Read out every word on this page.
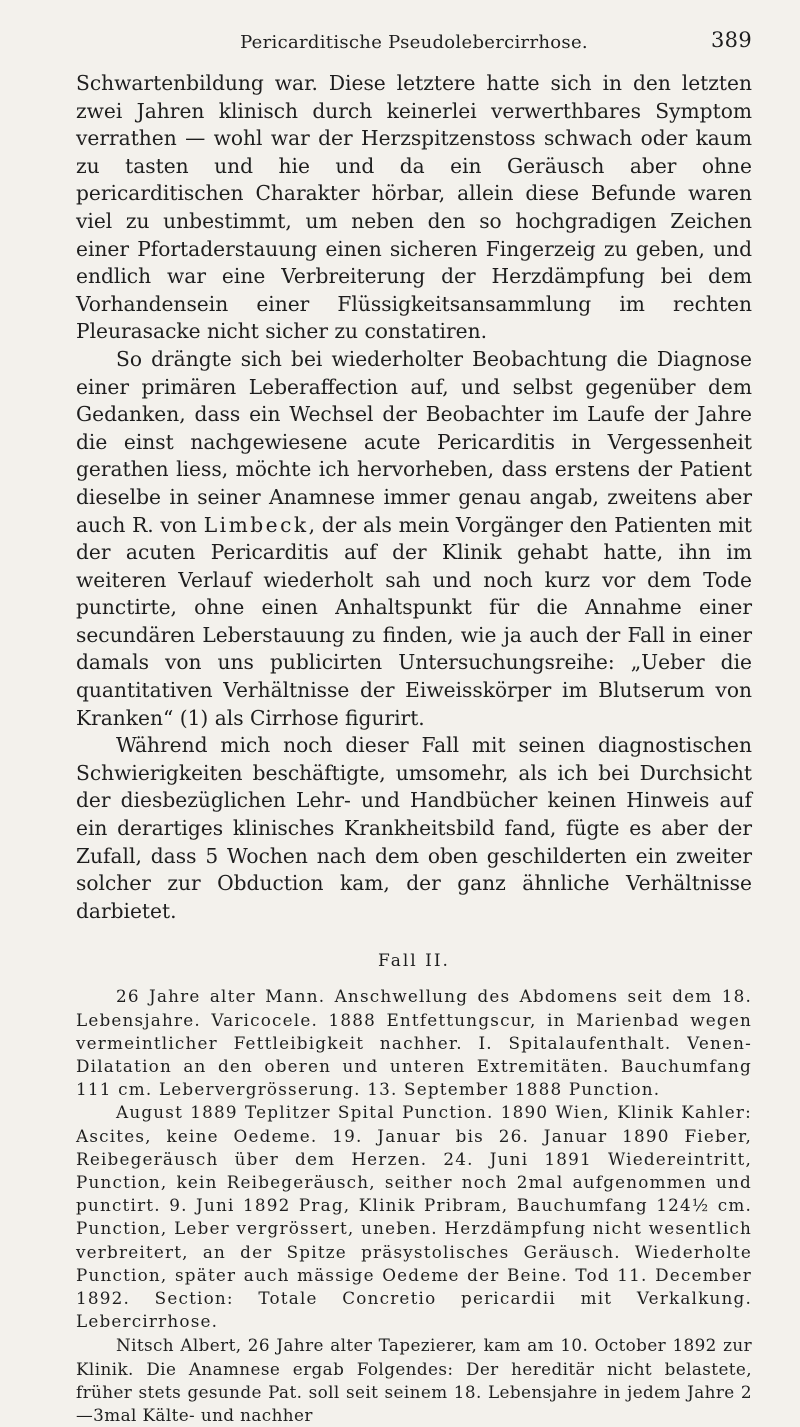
Pericarditische Pseudolebercirrhose.	389

Schwartenbildung war. Diese letztere hatte sich in den letzten zwei Jahren klinisch durch keinerlei verwerthbares Symptom verrathen — wohl war der Herzspitzenstoss schwach oder kaum zu tasten und hie und da ein Geräusch aber ohne pericarditischen Charakter hörbar, allein diese Befunde waren viel zu unbestimmt, um neben den so hochgradigen Zeichen einer Pfortaderstauung einen sicheren Fingerzeig zu geben, und endlich war eine Verbreiterung der Herzdämpfung bei dem Vorhandensein einer Flüssigkeitsansammlung im rechten Pleurasacke nicht sicher zu constatiren.

So drängte sich bei wiederholter Beobachtung die Diagnose einer primären Leberaffection auf, und selbst gegenüber dem Gedanken, dass ein Wechsel der Beobachter im Laufe der Jahre die einst nachgewiesene acute Pericarditis in Vergessenheit gerathen liess, möchte ich hervorheben, dass erstens der Patient dieselbe in seiner Anamnese immer genau angab, zweitens aber auch R. von Limbeck, der als mein Vorgänger den Patienten mit der acuten Pericarditis auf der Klinik gehabt hatte, ihn im weiteren Verlauf wiederholt sah und noch kurz vor dem Tode punctirte, ohne einen Anhaltspunkt für die Annahme einer secundären Leberstauung zu finden, wie ja auch der Fall in einer damals von uns publicirten Untersuchungsreihe: „Ueber die quantitativen Verhältnisse der Eiweisskörper im Blutserum von Kranken“ (1) als Cirrhose figurirt.

Während mich noch dieser Fall mit seinen diagnostischen Schwierigkeiten beschäftigte, umsomehr, als ich bei Durchsicht der diesbezüglichen Lehr- und Handbücher keinen Hinweis auf ein derartiges klinisches Krankheitsbild fand, fügte es aber der Zufall, dass 5 Wochen nach dem oben geschilderten ein zweiter solcher zur Obduction kam, der ganz ähnliche Verhältnisse darbietet.

Fall II.

26 Jahre alter Mann. Anschwellung des Abdomens seit dem 18. Lebensjahre. Varicocele. 1888 Entfettungscur, in Marienbad wegen vermeintlicher Fettleibigkeit nachher. I. Spitalaufenthalt. Venen-Dilatation an den oberen und unteren Extremitäten. Bauchumfang 111 cm. Lebervergrösserung. 13. September 1888 Punction.

August 1889 Teplitzer Spital Punction. 1890 Wien, Klinik Kahler: Ascites, keine Oedeme. 19. Januar bis 26. Januar 1890 Fieber, Reibegeräusch über dem Herzen. 24. Juni 1891 Wiedereintritt, Punction, kein Reibegeräusch, seither noch 2mal aufgenommen und punctirt. 9. Juni 1892 Prag, Klinik Pribram, Bauchumfang 124½ cm. Punction, Leber vergrössert, uneben. Herzdämpfung nicht wesentlich verbreitert, an der Spitze präsystolisches Geräusch. Wiederholte Punction, später auch mässige Oedeme der Beine. Tod 11. December 1892. Section: Totale Concretio pericardii mit Verkalkung. Lebercirrhose.

Nitsch Albert, 26 Jahre alter Tapezierer, kam am 10. October 1892 zur Klinik. Die Anamnese ergab Folgendes: Der hereditär nicht belastete, früher stets gesunde Pat. soll seit seinem 18. Lebensjahre in jedem Jahre 2—3mal Kälte- und nachher
